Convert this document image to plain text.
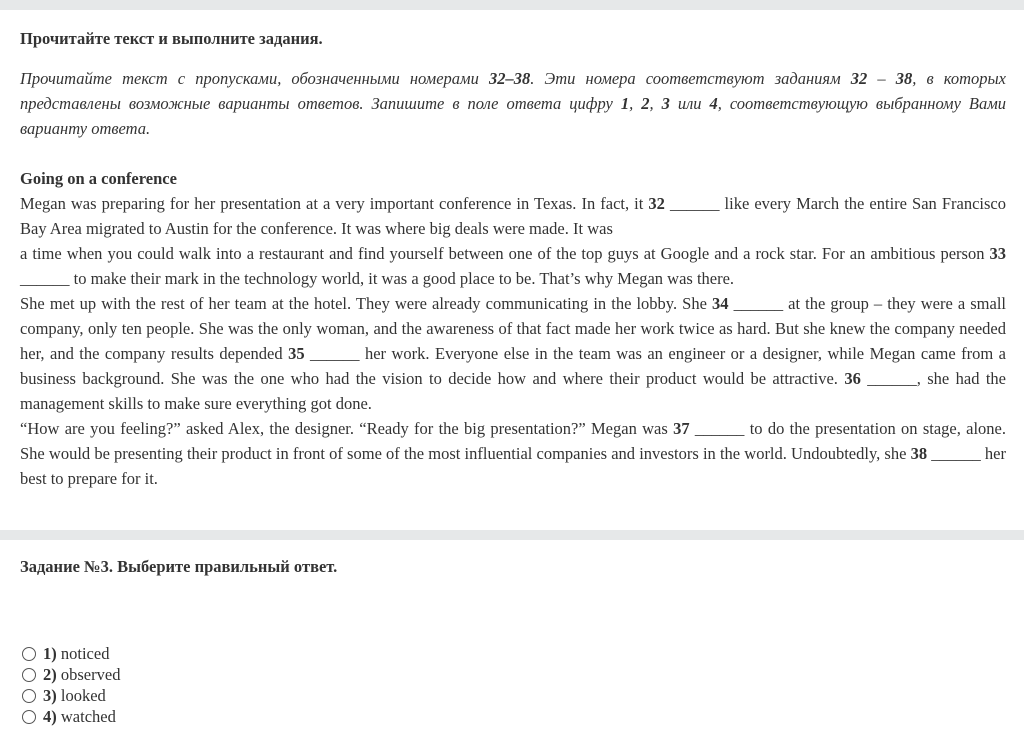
Прочитайте текст и выполните задания.

Прочитайте текст с пропусками, обозначенными номерами 32–38. Эти номера соответствуют заданиям 32 – 38, в которых представлены возможные варианты ответов. Запишите в поле ответа цифру 1, 2, 3 или 4, соответствующую выбранному Вами варианту ответа.

Going on a conference

Megan was preparing for her presentation at a very important conference in Texas. In fact, it 32 ______ like every March the entire San Francisco Bay Area migrated to Austin for the conference. It was where big deals were made. It was

a time when you could walk into a restaurant and find yourself between one of the top guys at Google and a rock star. For an ambitious person 33 ______ to make their mark in the technology world, it was a good place to be. That’s why Megan was there.

She met up with the rest of her team at the hotel. They were already communicating in the lobby. She 34 ______ at the group – they were a small company, only ten people. She was the only woman, and the awareness of that fact made her work twice as hard. But she knew the company needed her, and the company results depended 35 ______ her work. Everyone else in the team was an engineer or a designer, while Megan came from a business background. She was the one who had the vision to decide how and where their product would be attractive. 36 ______, she had the management skills to make sure everything got done.

“How are you feeling?” asked Alex, the designer. “Ready for the big presentation?” Megan was 37 ______ to do the presentation on stage, alone. She would be presenting their product in front of some of the most influential companies and investors in the world. Undoubtedly, she 38 ______ her best to prepare for it.

Задание №3. Выберите правильный ответ.
1) noticed
2) observed
3) looked
4) watched
